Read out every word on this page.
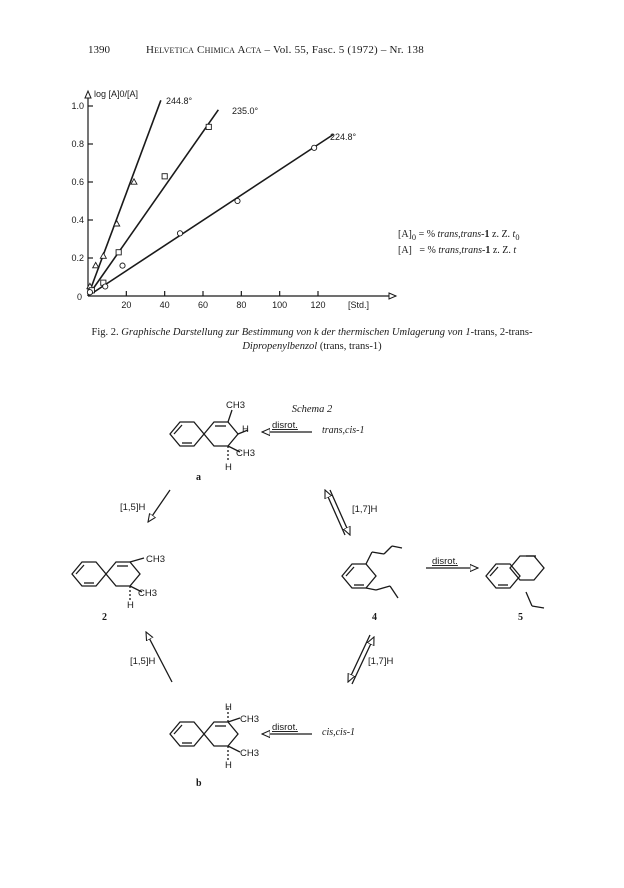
1390	Helvetica Chimica Acta – Vol. 55, Fasc. 5 (1972) – Nr. 138
0.2
0.4
0.6
0.8
1.0
20	40	60	80	100	120
0
[Std.]
log [A]0/[A]
244.8°
235.0°
224.8°
$[A]_0$ = % trans,trans-1 z. Z. $t_0$
[A]   = % trans,trans-1 z. Z. t
Fig. 2. Graphische Darstellung zur Bestimmung von k der thermischen Umlagerung von 1-trans, 2-trans-
Dipropenylbenzol (trans, trans-1)
Schema 2
CH3
H
CH3
H
CH3
CH3
H
H
CH3
CH3
H
disrot.
[1,5]H	[1,7]H
disrot.
[1,5]H	[1,7]H
disrot.
trans,cis-1
cis,cis-1
a
2	4	5
b
